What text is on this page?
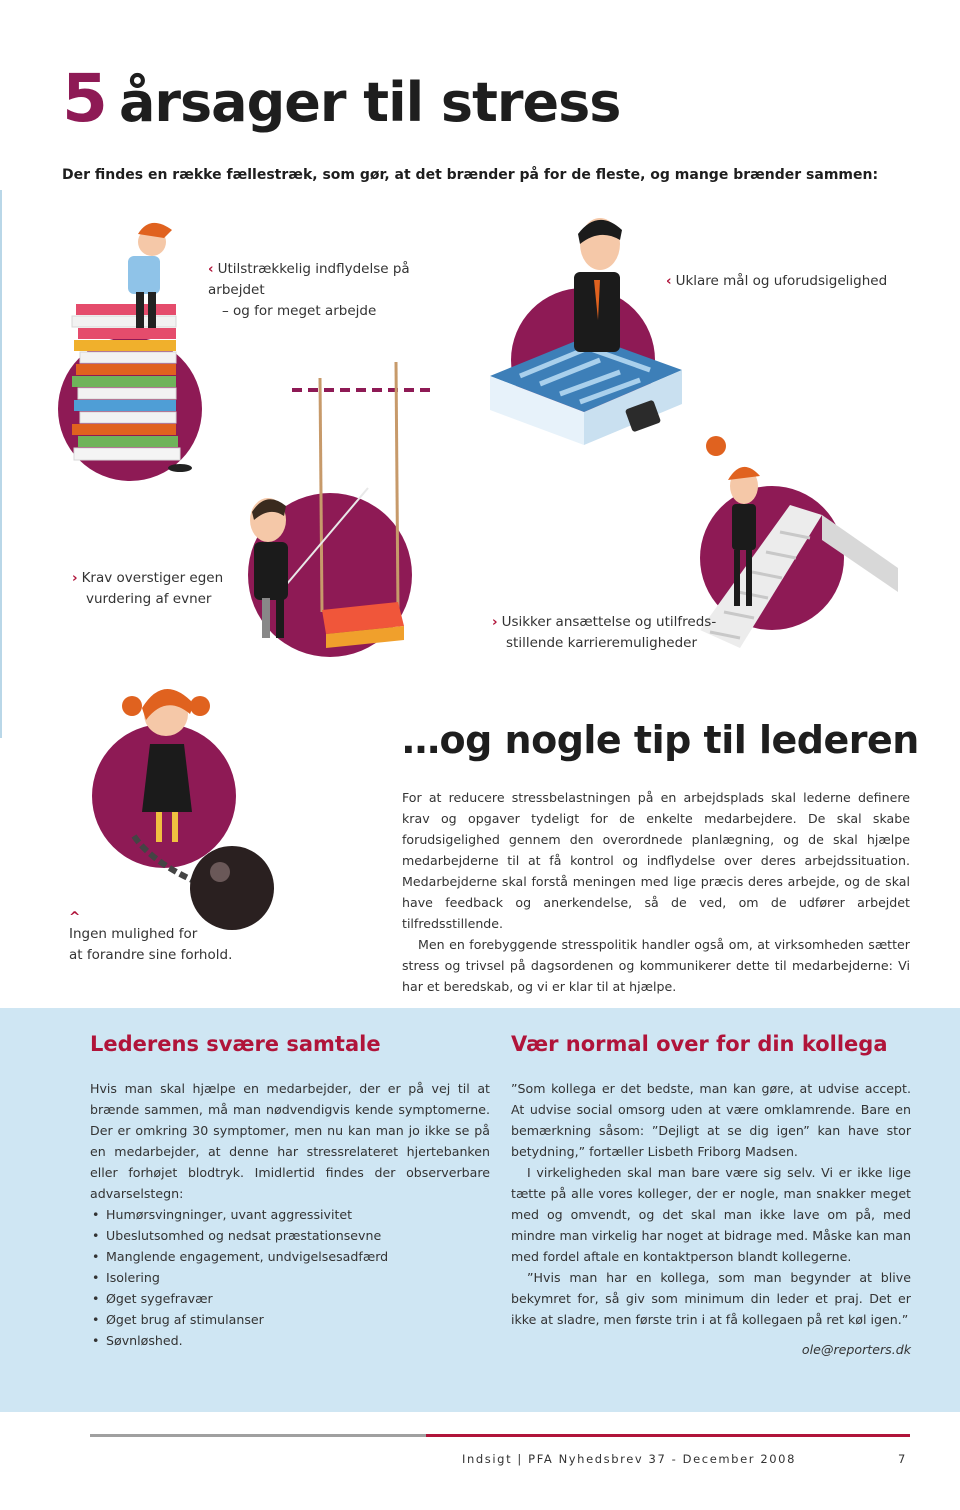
5 årsager til stress
Der findes en række fællestræk, som gør, at det brænder på for de fleste, og mange brænder sammen:
‹ Utilstrækkelig indflydelse på arbejdet
– og for meget arbejde
‹ Uklare mål og uforudsigelighed
› Krav overstiger egen
vurdering af evner
› Usikker ansættelse og utilfreds-
stillende karrieremuligheder
^
Ingen mulighed for
at forandre sine forhold.
…og nogle tip til lederen

For at reducere stressbelastningen på en arbejdsplads skal lederne definere krav og opgaver tydeligt for de enkelte medarbejdere. De skal skabe forudsigelighed gennem den overordnede planlægning, og de skal hjælpe medarbejderne til at få kontrol og indflydelse over deres arbejdssituation. Medarbejderne skal forstå meningen med lige præcis deres arbejde, og de skal have feedback og anerkendelse, så de ved, om de udfører arbejdet tilfredsstillende.

Men en forebyggende stresspolitik handler også om, at virksomheden sætter stress og trivsel på dagsordenen og kommunikerer dette til medarbejderne: Vi har et beredskab, og vi er klar til at hjælpe.

Lederens svære samtale

Hvis man skal hjælpe en medarbejder, der er på vej til at brænde sammen, må man nødvendigvis kende symptomerne. Der er omkring 30 symptomer, men nu kan man jo ikke se på en medarbejder, at denne har stressrelateret hjertebanken eller forhøjet blodtryk. Imidlertid findes der observerbare advarselstegn:

• Humørsvingninger, uvant aggressivitet
• Ubeslutsomhed og nedsat præstationsevne
• Manglende engagement, undvigelsesadfærd
• Isolering
• Øget sygefravær
• Øget brug af stimulanser
• Søvnløshed.
Vær normal over for din kollega

”Som kollega er det bedste, man kan gøre, at udvise accept. At udvise social omsorg uden at være omklamrende. Bare en bemærkning såsom: ”Dejligt at se dig igen” kan have stor betydning,” fortæller Lisbeth Friborg Madsen.

I virkeligheden skal man bare være sig selv. Vi er ikke lige tætte på alle vores kolleger, der er nogle, man snakker meget med og omvendt, og det skal man ikke lave om på, med mindre man virkelig har noget at bidrage med. Måske kan man med fordel aftale en kontaktperson blandt kollegerne.

”Hvis man har en kollega, som man begynder at blive bekymret for, så giv som minimum din leder et praj. Det er ikke at sladre, men første trin i at få kollegaen på ret køl igen.”

ole@reporters.dk
Indsigt | PFA Nyhedsbrev 37 - December 2008	7
